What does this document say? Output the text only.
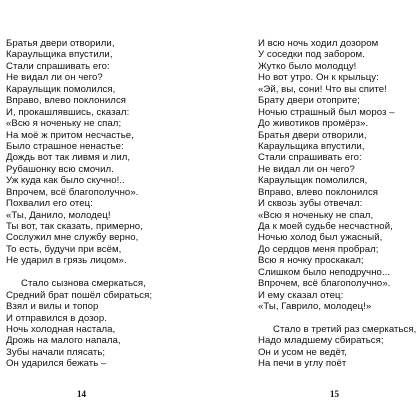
Братья двери отворили,
Караульщика впустили,
Стали спрашивать его:
Не видал ли он чего?
Караульщик помолился,
Вправо, влево поклонился
И, прокашлявшись, сказал:
«Всю я ноченьку не спал;
На моё ж притом несчастье,
Было страшное ненастье:
Дождь вот так ливмя и лил,
Рубашонку всю смочил.
Уж куда как было скучно!..
Впрочем, всё благополучно».
Похвалил его отец:
«Ты, Данило, молодец!
Ты вот, так сказать, примерно,
Сослужил мне службу верно,
То есть, будучи при всём,
Не ударил в грязь лицом».
Стало сызнова смеркаться,
Средний брат пошёл сбираться;
Взял и вилы и топор
И отправился в дозор.
Ночь холодная настала,
Дрожь на малого напала,
Зубы начали плясать;
Он ударился бежать –
И всю ночь ходил дозором
У соседки под забором.
Жутко было молодцу!
Но вот утро. Он к крыльцу:
«Эй, вы, сони! Что вы спите!
Брату двери отоприте;
Ночью страшный был мороз –
До животиков промёрз».
Братья двери отворили,
Караульщика впустили,
Стали спрашивать его:
Не видал ли он чего?
Караульщик помолился,
Вправо, влево поклонился
И сквозь зубы отвечал:
«Всю я ноченьку не спал,
Да к моей судьбе несчастной,
Ночью холод был ужасный,
До сердцов меня пробрал;
Всю я ночку проскакал;
Слишком было неподручно...
Впрочем, всё благополучно».
И ему сказал отец:
«Ты, Гаврило, молодец!»
Стало в третий раз смеркаться,
Надо младшему сбираться;
Он и усом не ведёт,
На печи в углу поёт
14	15
